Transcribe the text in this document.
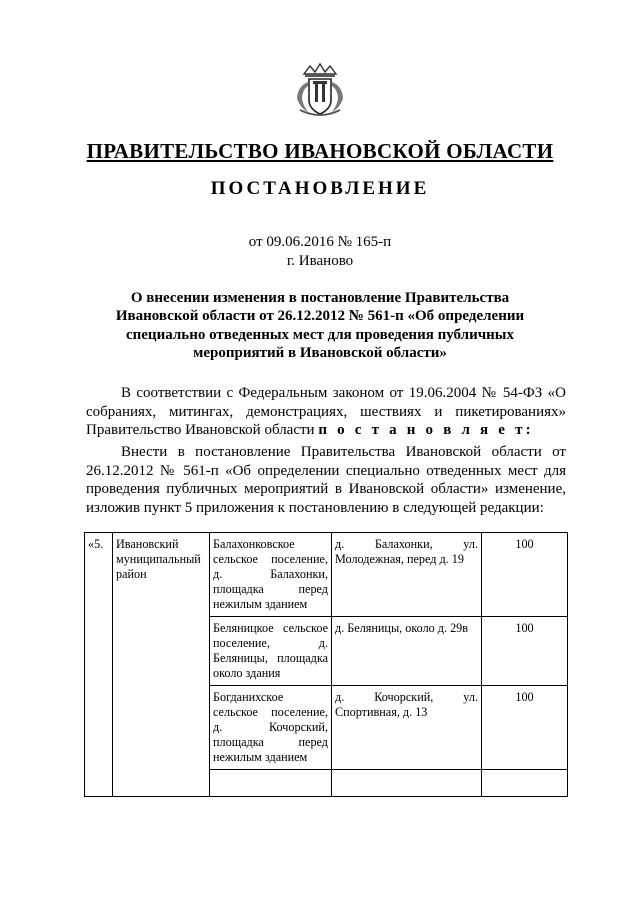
ПРАВИТЕЛЬСТВО ИВАНОВСКОЙ ОБЛАСТИ
ПОСТАНОВЛЕНИЕ
от 09.06.2016 № 165-п
г. Иваново
О внесении изменения в постановление Правительства Ивановской области от 26.12.2012 № 561-п «Об определении специально отведенных мест для проведения публичных мероприятий в Ивановской области»
В соответствии с Федеральным законом от 19.06.2004 № 54-ФЗ «О собраниях, митингах, демонстрациях, шествиях и пикетированиях» Правительство Ивановской области п о с т а н о в л я е т:
Внести в постановление Правительства Ивановской области от 26.12.2012 № 561-п «Об определении специально отведенных мест для проведения публичных мероприятий в Ивановской области» изменение, изложив пункт 5 приложения к постановлению в следующей редакции:
«5.	Ивановский муниципальный район	Балахонковское сельское поселение, д. Балахонки, площадка перед нежилым зданием	д. Балахонки, ул. Молодежная, перед д. 19	100
		Беляницкое сельское поселение, д. Беляницы, площадка около здания	д. Беляницы, около д. 29в	100
		Богданихское сельское поселение, д. Кочорский, площадка перед нежилым зданием	д. Кочорский, ул. Спортивная, д. 13	100
